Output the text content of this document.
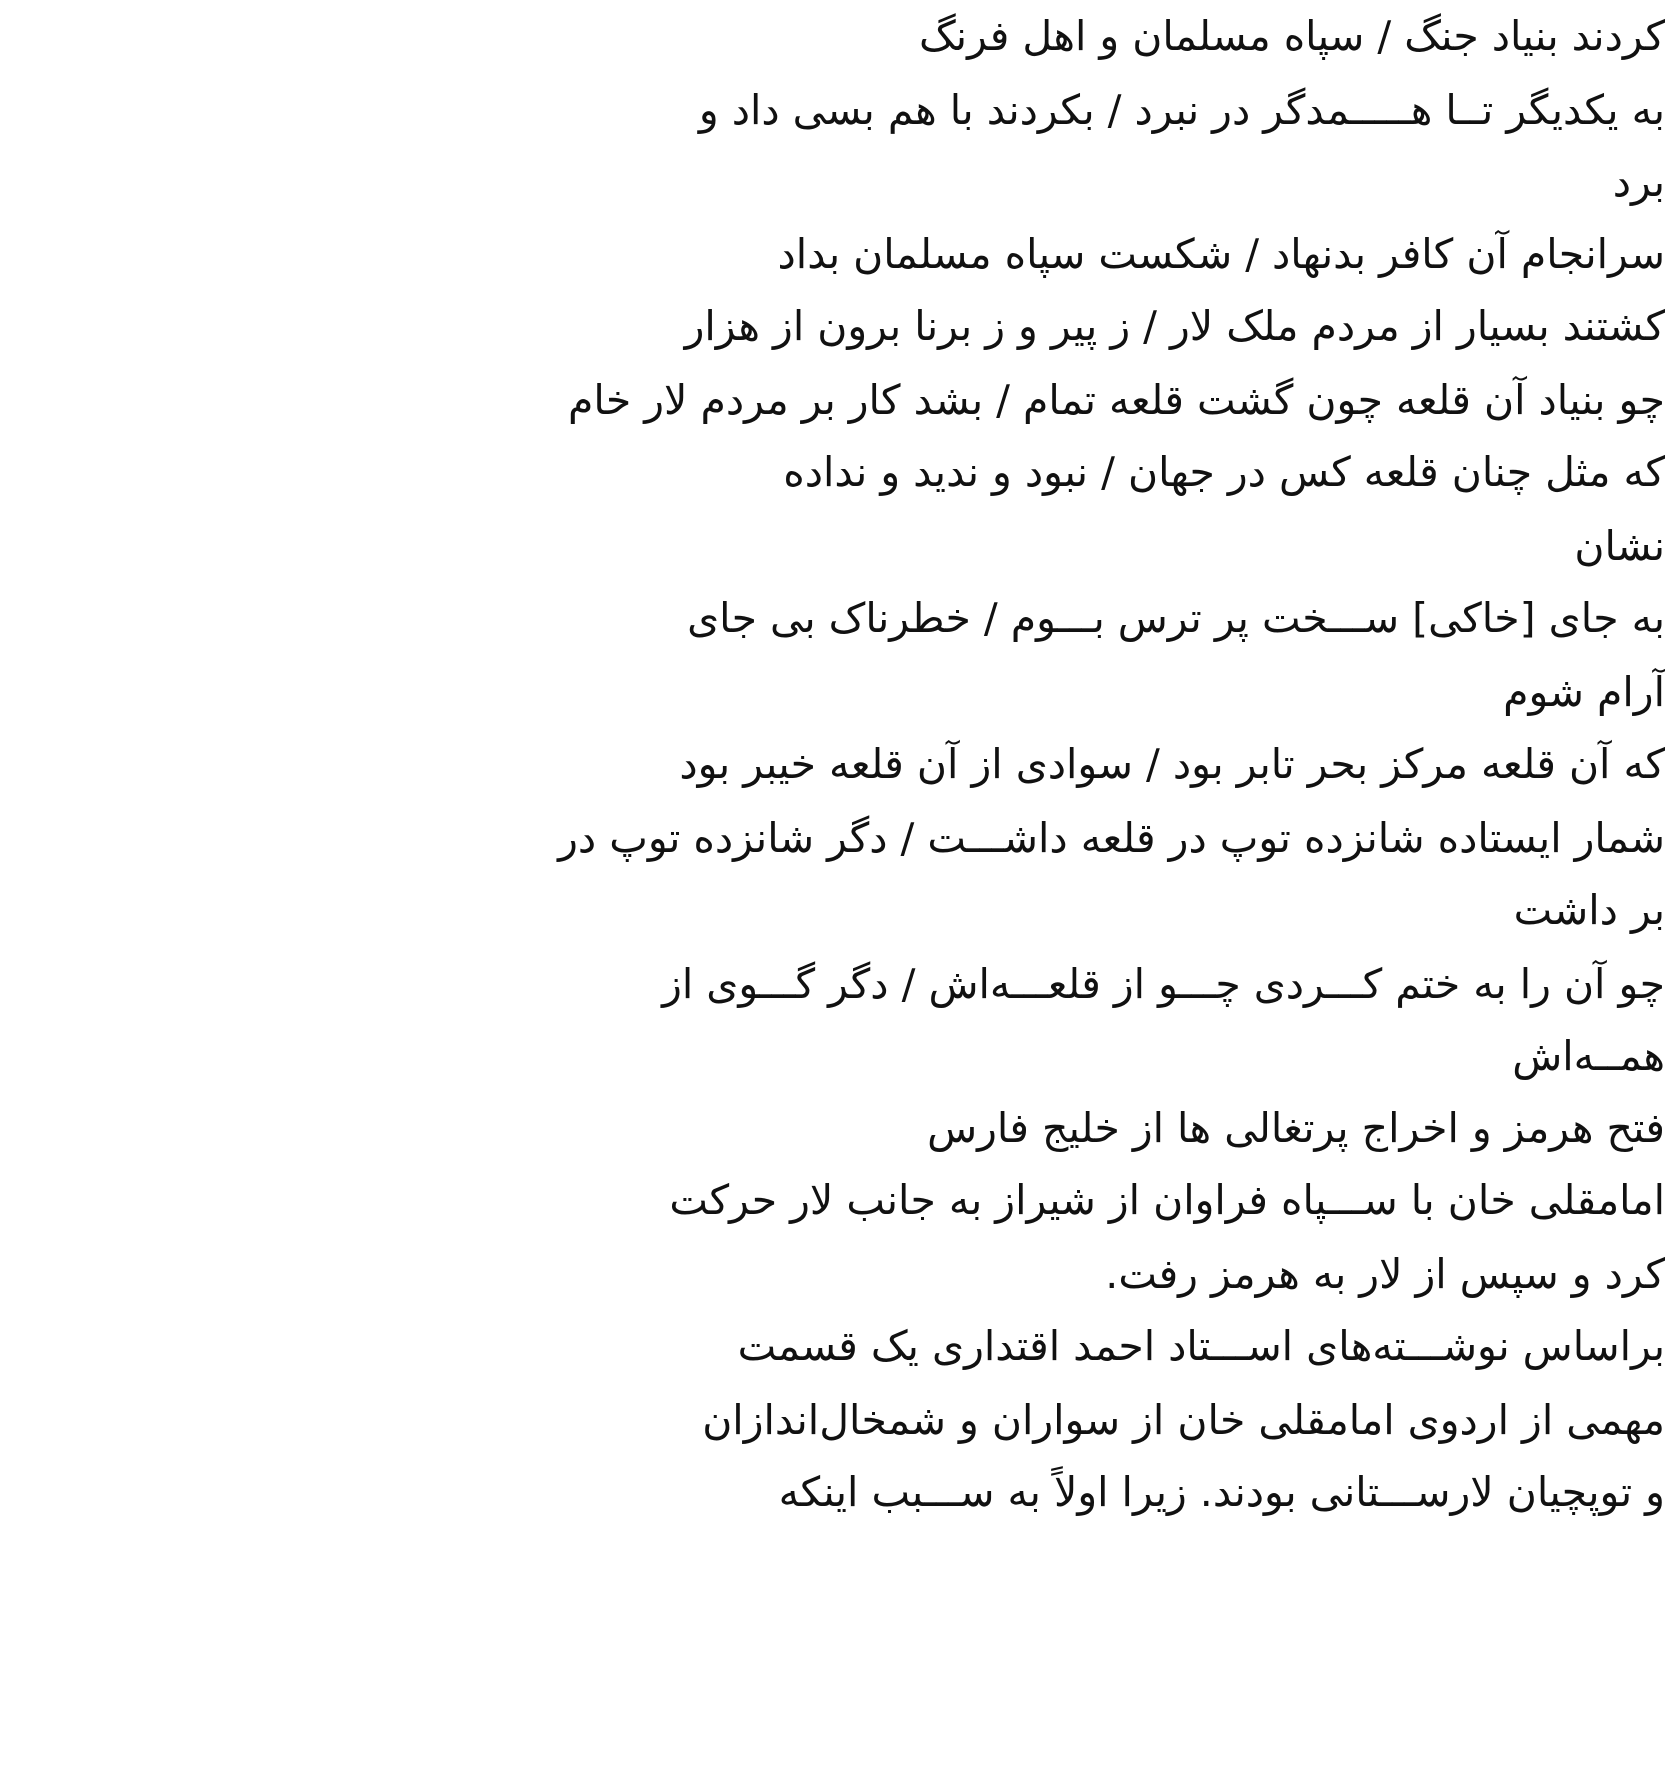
کردند بنیاد جنگ / سپاه مسلمان و اهل فرنگ
به یکدیگر تــا هـــــمدگر در نبرد / بکردند با هم بسی داد و
برد
سرانجام آن کافر بدنهاد / شکست سپاه مسلمان بداد
کشتند بسیار از مردم ملک لار / ز پیر و ز برنا برون از هزار
چو بنیاد آن قلعه چون گشت قلعه تمام / بشد کار بر مردم لار خام
که مثل چنان قلعه کس در جهان / نبود و ندید و نداده
نشان
به جای [خاکی] ســـخت پر ترس بـــوم / خطرناک بی جای
آرام شوم
که آن قلعه مرکز بحر تابر بود / سوادی از آن قلعه خیبر بود
شمار ایستاده شانزده توپ در قلعه داشـــت / دگر شانزده توپ در
بر داشت
چو آن را به ختم کـــردی چـــو از قلعـــه‌اش / دگر گـــوی از
همــه‌اش
فتح هرمز و اخراج پرتغالی ها از خلیج فارس
امامقلی خان با ســـپاه فراوان از شیراز به جانب لار حرکت
کرد و سپس از لار به هرمز رفت.
براساس نوشـــته‌های اســـتاد احمد اقتداری یک قسمت
مهمی از اردوی امامقلی خان از سواران و شمخال‌اندازان
و توپچیان لارســـتانی بودند. زیرا اولاً به ســـبب اینکه
